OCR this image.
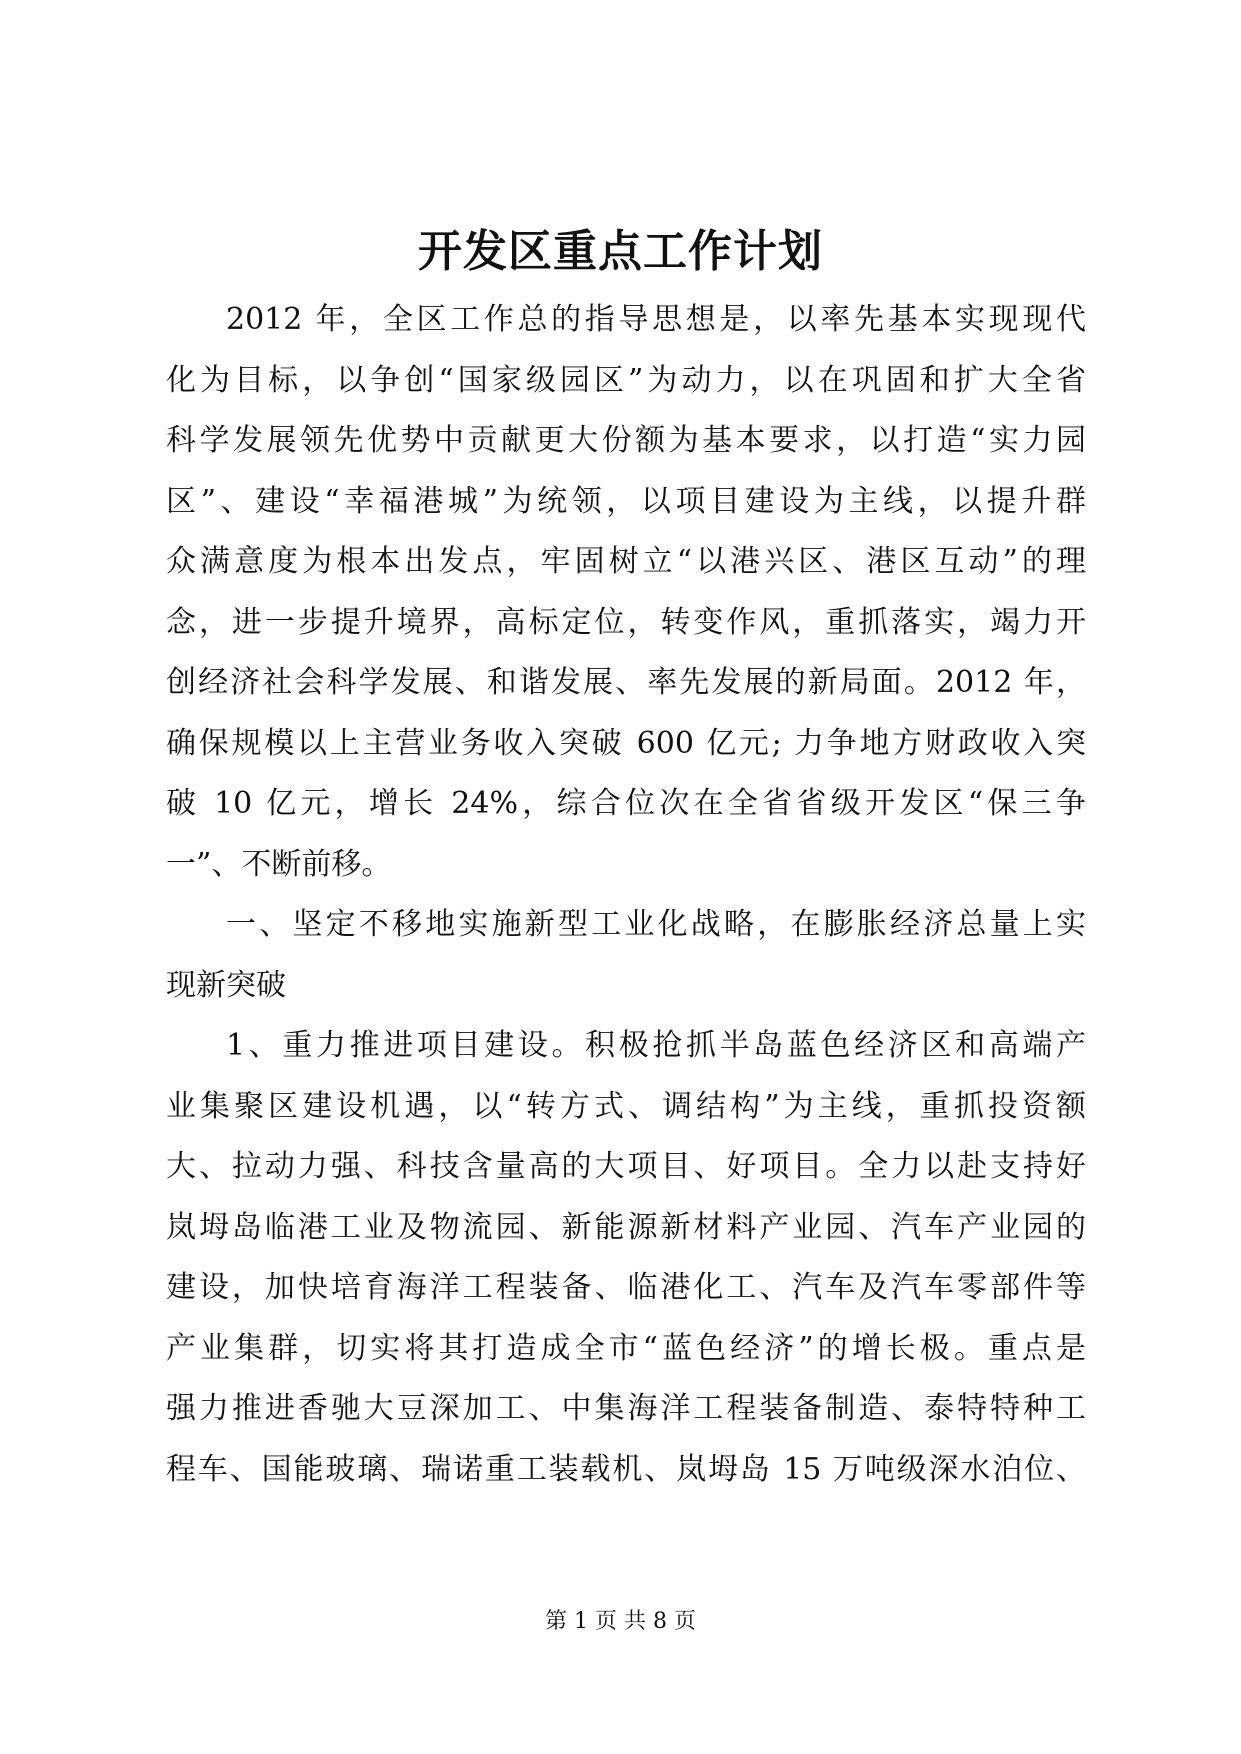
开发区重点工作计划
2012 年，全区工作总的指导思想是，以率先基本实现现代
化为目标，以争创“国家级园区”为动力，以在巩固和扩大全省
科学发展领先优势中贡献更大份额为基本要求，以打造“实力园
区”、建设“幸福港城”为统领，以项目建设为主线，以提升群
众满意度为根本出发点，牢固树立“以港兴区、港区互动”的理
念，进一步提升境界，高标定位，转变作风，重抓落实，竭力开
创经济社会科学发展、和谐发展、率先发展的新局面。2012 年，
确保规模以上主营业务收入突破 600 亿元; 力争地方财政收入突
破 10 亿元，增长 24%，综合位次在全省省级开发区“保三争
一”、不断前移。
一、坚定不移地实施新型工业化战略，在膨胀经济总量上实
现新突破
1、重力推进项目建设。积极抢抓半岛蓝色经济区和高端产
业集聚区建设机遇，以“转方式、调结构”为主线，重抓投资额
大、拉动力强、科技含量高的大项目、好项目。全力以赴支持好
岚坶岛临港工业及物流园、新能源新材料产业园、汽车产业园的
建设，加快培育海洋工程装备、临港化工、汽车及汽车零部件等
产业集群，切实将其打造成全市“蓝色经济”的增长极。重点是
强力推进香驰大豆深加工、中集海洋工程装备制造、泰特特种工
程车、国能玻璃、瑞诺重工装载机、岚坶岛 15 万吨级深水泊位、
第 1 页 共 8 页
